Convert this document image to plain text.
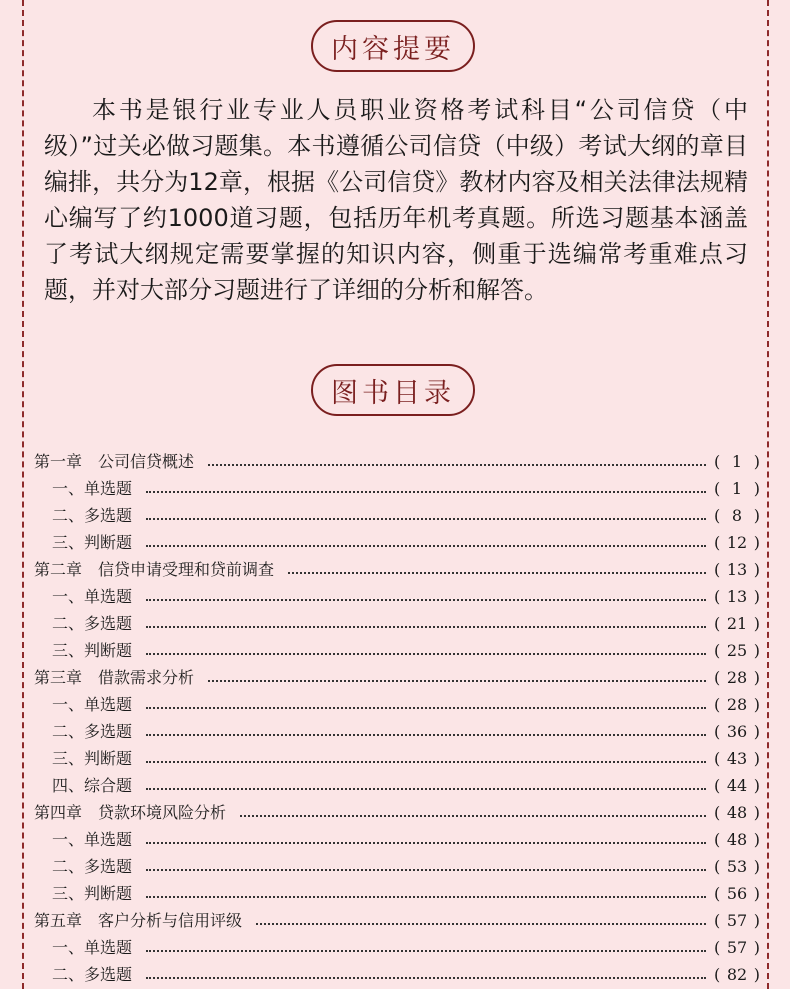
内容提要

本书是银行业专业人员职业资格考试科目“公司信贷（中级）”过关必做习题集。本书遵循公司信贷（中级）考试大纲的章目编排，共分为12章，根据《公司信贷》教材内容及相关法律法规精心编写了约1000道习题，包括历年机考真题。所选习题基本涵盖了考试大纲规定需要掌握的知识内容，侧重于选编常考重难点习题，并对大部分习题进行了详细的分析和解答。

图书目录
第一章　公司信贷概述	( 1 )
一、单选题	( 1 )
二、多选题	( 8 )
三、判断题	( 12 )
第二章　信贷申请受理和贷前调查	( 13 )
一、单选题	( 13 )
二、多选题	( 21 )
三、判断题	( 25 )
第三章　借款需求分析	( 28 )
一、单选题	( 28 )
二、多选题	( 36 )
三、判断题	( 43 )
四、综合题	( 44 )
第四章　贷款环境风险分析	( 48 )
一、单选题	( 48 )
二、多选题	( 53 )
三、判断题	( 56 )
第五章　客户分析与信用评级	( 57 )
一、单选题	( 57 )
二、多选题	( 82 )
